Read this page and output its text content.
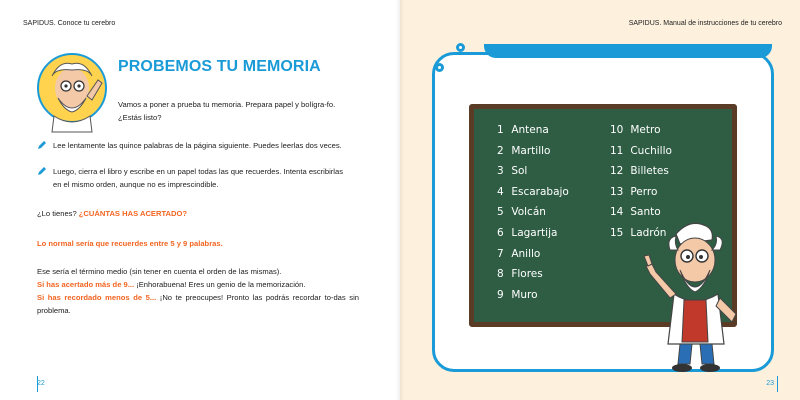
SAPIDUS. Conoce tu cerebro	SAPIDUS. Manual de instrucciones de tu cerebro
PROBEMOS TU MEMORIA
Vamos a poner a prueba tu memoria. Prepara papel y bolígra-fo. ¿Estás listo?
Lee lentamente las quince palabras de la página siguiente. Puedes leerlas dos veces.
Luego, cierra el libro y escribe en un papel todas las que recuerdes. Intenta escribirlas en el mismo orden, aunque no es imprescindible.
¿Lo tienes? ¿CUÁNTAS HAS ACERTADO?
Lo normal sería que recuerdes entre 5 y 9 palabras.
Ese sería el término medio (sin tener en cuenta el orden de las mismas).
Si has acertado más de 9... ¡Enhorabuena! Eres un genio de la memorización.
Si has recordado menos de 5... ¡No te preocupes! Pronto las podrás recordar to-das sin problema.
22
1 Antena
2 Martillo
3 Sol
4 Escarabajo
5 Volcán
6 Lagartija
7 Anillo
8 Flores
9 Muro
10 Metro
11 Cuchillo
12 Billetes
13 Perro
14 Santo
15 Ladrón
23
